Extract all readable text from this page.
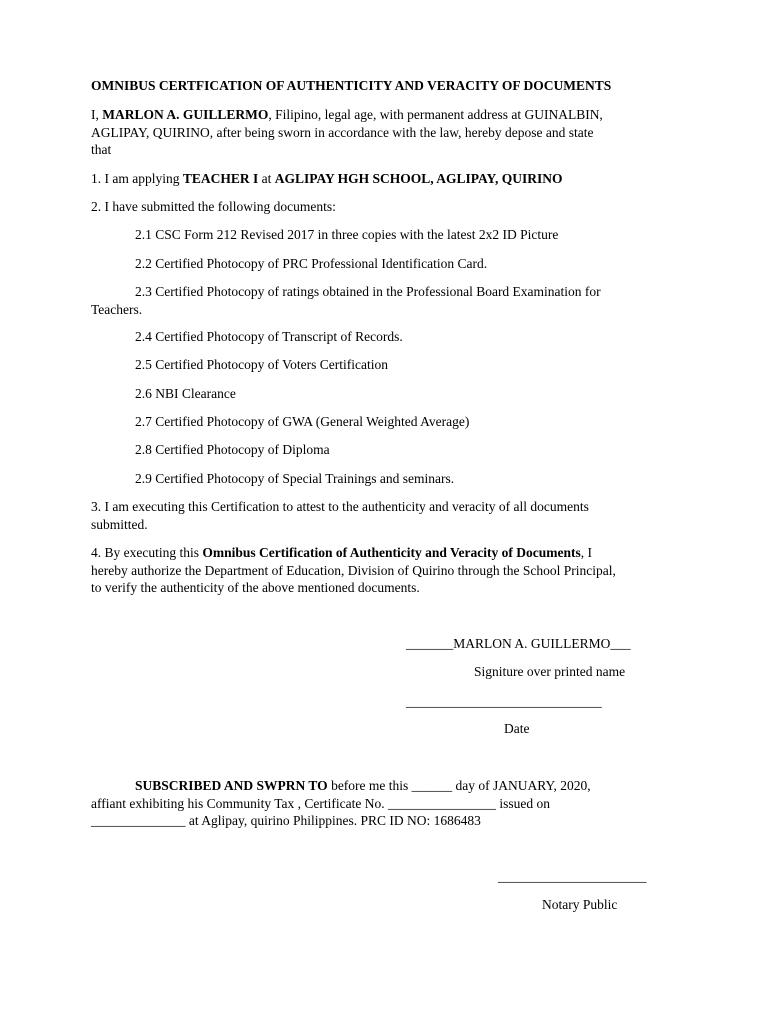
OMNIBUS CERTFICATION OF AUTHENTICITY AND VERACITY OF DOCUMENTS
I, MARLON A. GUILLERMO, Filipino, legal age, with permanent address at GUINALBIN,
AGLIPAY, QUIRINO, after being sworn in accordance with the law, hereby depose and state
that
1. I am applying TEACHER I at AGLIPAY HGH SCHOOL, AGLIPAY, QUIRINO
2. I have submitted the following documents:
2.1 CSC Form 212 Revised 2017 in three copies with the latest 2x2 ID Picture
2.2 Certified Photocopy of PRC Professional Identification Card.
2.3 Certified Photocopy of ratings obtained in the Professional Board Examination for
Teachers.
2.4 Certified Photocopy of Transcript of Records.
2.5 Certified Photocopy of Voters Certification
2.6 NBI Clearance
2.7 Certified Photocopy of GWA (General Weighted Average)
2.8 Certified Photocopy of Diploma
2.9 Certified Photocopy of Special Trainings and seminars.
3. I am executing this Certification to attest to the authenticity and veracity of all documents
submitted.
4. By executing this Omnibus Certification of Authenticity and Veracity of Documents, I
hereby authorize the Department of Education, Division of Quirino through the School Principal,
to verify the authenticity of the above mentioned documents.
_______MARLON A. GUILLERMO___
Signiture over printed name
_____________________________
Date
SUBSCRIBED AND SWPRN TO before me this ______ day of JANUARY, 2020,
affiant exhibiting his Community Tax , Certificate No. ________________ issued on
______________ at Aglipay, quirino Philippines. PRC ID NO: 1686483
______________________
Notary Public
